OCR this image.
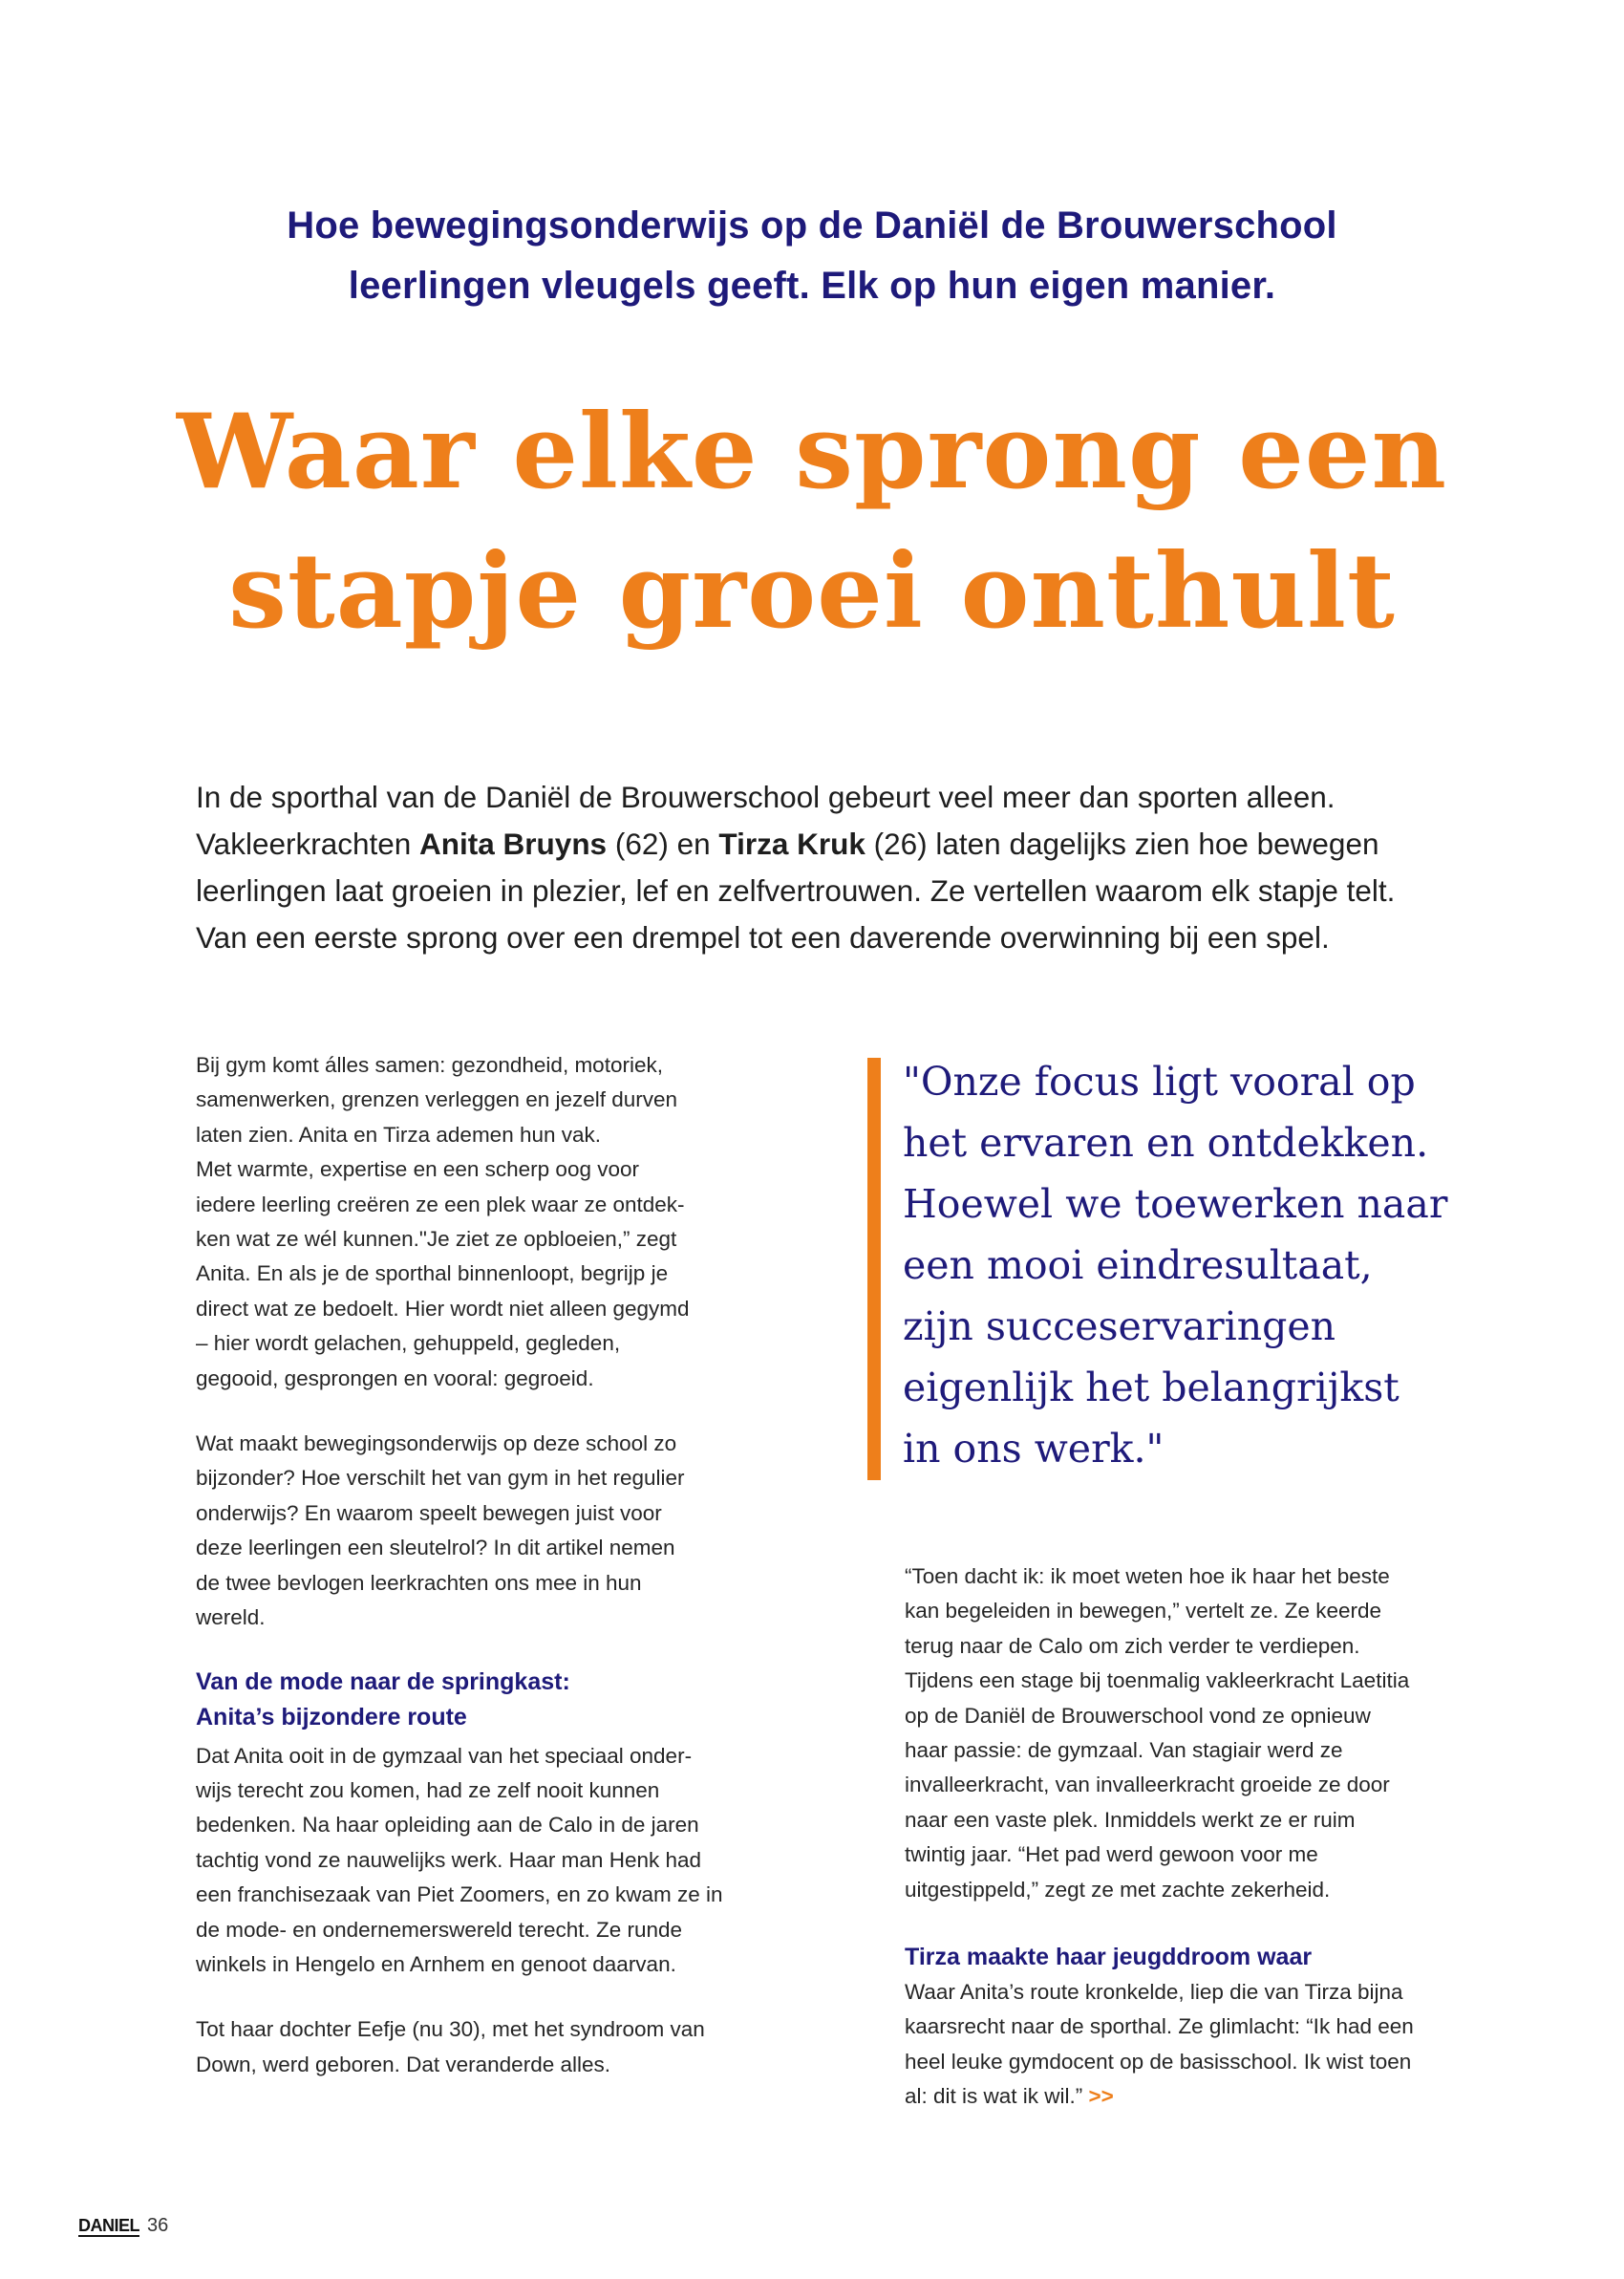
Hoe bewegingsonderwijs op de Daniël de Brouwerschool
leerlingen vleugels geeft. Elk op hun eigen manier.
Waar elke sprong een
stapje groei onthult
In de sporthal van de Daniël de Brouwerschool gebeurt veel meer dan sporten alleen.
Vakleerkrachten Anita Bruyns (62) en Tirza Kruk (26) laten dagelijks zien hoe bewegen
leerlingen laat groeien in plezier, lef en zelfvertrouwen. Ze vertellen waarom elk stapje telt.
Van een eerste sprong over een drempel tot een daverende overwinning bij een spel.
Bij gym komt álles samen: gezondheid, motoriek,
samenwerken, grenzen verleggen en jezelf durven
laten zien. Anita en Tirza ademen hun vak.
Met warmte, expertise en een scherp oog voor
iedere leerling creëren ze een plek waar ze ontdek-
ken wat ze wél kunnen."Je ziet ze opbloeien,” zegt
Anita. En als je de sporthal binnenloopt, begrijp je
direct wat ze bedoelt. Hier wordt niet alleen gegymd
– hier wordt gelachen, gehuppeld, gegleden,
gegooid, gesprongen en vooral: gegroeid.
Wat maakt bewegingsonderwijs op deze school zo
bijzonder? Hoe verschilt het van gym in het regulier
onderwijs? En waarom speelt bewegen juist voor
deze leerlingen een sleutelrol? In dit artikel nemen
de twee bevlogen leerkrachten ons mee in hun
wereld.
Van de mode naar de springkast:
Anita’s bijzondere route
Dat Anita ooit in de gymzaal van het speciaal onder-
wijs terecht zou komen, had ze zelf nooit kunnen
bedenken. Na haar opleiding aan de Calo in de jaren
tachtig vond ze nauwelijks werk. Haar man Henk had
een franchisezaak van Piet Zoomers, en zo kwam ze in
de mode- en ondernemerswereld terecht. Ze runde
winkels in Hengelo en Arnhem en genoot daarvan.
Tot haar dochter Eefje (nu 30), met het syndroom van
Down, werd geboren. Dat veranderde alles.
"Onze focus ligt vooral op
het ervaren en ontdekken.
Hoewel we toewerken naar
een mooi eindresultaat,
zijn succeservaringen
eigenlijk het belangrijkst
in ons werk."
“Toen dacht ik: ik moet weten hoe ik haar het beste
kan begeleiden in bewegen,” vertelt ze. Ze keerde
terug naar de Calo om zich verder te verdiepen.
Tijdens een stage bij toenmalig vakleerkracht Laetitia
op de Daniël de Brouwerschool vond ze opnieuw
haar passie: de gymzaal. Van stagiair werd ze
invalleerkracht, van invalleerkracht groeide ze door
naar een vaste plek. Inmiddels werkt ze er ruim
twintig jaar. “Het pad werd gewoon voor me
uitgestippeld,” zegt ze met zachte zekerheid.
Tirza maakte haar jeugddroom waar
Waar Anita’s route kronkelde, liep die van Tirza bijna
kaarsrecht naar de sporthal. Ze glimlacht: “Ik had een
heel leuke gymdocent op de basisschool. Ik wist toen
al: dit is wat ik wil.” >>
DANIEL 36
